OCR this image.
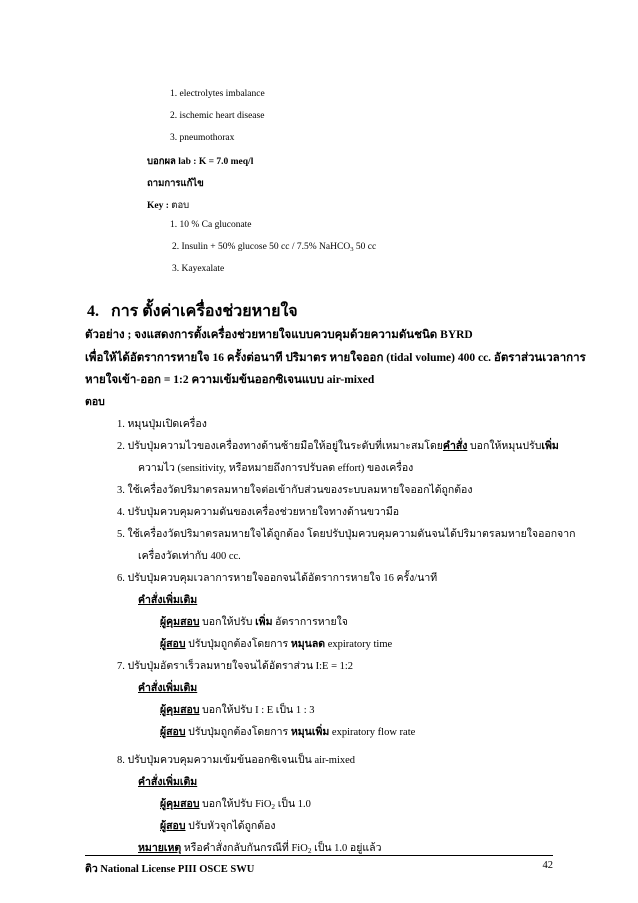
1. electrolytes imbalance
2. ischemic heart disease
3. pneumothorax
บอกผล lab : K = 7.0 meq/l
ถามการแก้ไข
Key : ตอบ
1. 10 % Ca gluconate
2. Insulin + 50% glucose 50 cc / 7.5% NaHCO$_3$ 50 cc
3. Kayexalate
4. การ ตั้งค่าเครื่องช่วยหายใจ
ตัวอย่าง ; จงแสดงการตั้งเครื่องช่วยหายใจแบบควบคุมด้วยความดันชนิด BYRD
เพื่อให้ได้อัตราการหายใจ 16 ครั้งต่อนาที ปริมาตร หายใจออก (tidal volume) 400 cc. อัตราส่วนเวลาการ
หายใจเข้า-ออก = 1:2 ความเข้มข้นออกซิเจนแบบ air-mixed
ตอบ
1. หมุนปุ่มเปิดเครื่อง
2. ปรับปุ่มความไวของเครื่องทางด้านซ้ายมือให้อยู่ในระดับที่เหมาะสมโดยคำสั่ง บอกให้หมุนปรับเพิ่ม
ความไว (sensitivity, หรือหมายถึงการปรับลด effort) ของเครื่อง
3. ใช้เครื่องวัดปริมาตรลมหายใจต่อเข้ากับส่วนของระบบลมหายใจออกได้ถูกต้อง
4. ปรับปุ่มควบคุมความดันของเครื่องช่วยหายใจทางด้านขวามือ
5. ใช้เครื่องวัดปริมาตรลมหายใจได้ถูกต้อง โดยปรับปุ่มควบคุมความดันจนได้ปริมาตรลมหายใจออกจาก
เครื่องวัดเท่ากับ 400 cc.
6. ปรับปุ่มควบคุมเวลาการหายใจออกจนได้อัตราการหายใจ 16 ครั้ง/นาที
คำสั่งเพิ่มเติม
ผู้คุมสอบ บอกให้ปรับ เพิ่ม อัตราการหายใจ
ผู้สอบ ปรับปุ่มถูกต้องโดยการ หมุนลด expiratory time
7. ปรับปุ่มอัตราเร็วลมหายใจจนได้อัตราส่วน I:E = 1:2
คำสั่งเพิ่มเติม
ผู้คุมสอบ บอกให้ปรับ I : E เป็น 1 : 3
ผู้สอบ ปรับปุ่มถูกต้องโดยการ หมุนเพิ่ม expiratory flow rate
8. ปรับปุ่มควบคุมความเข้มข้นออกซิเจนเป็น air-mixed
คำสั่งเพิ่มเติม
ผู้คุมสอบ บอกให้ปรับ FiO$_2$ เป็น 1.0
ผู้สอบ ปรับหัวจุกได้ถูกต้อง
หมายเหตุ หรือคำสั่งกลับกันกรณีที่ FiO$_2$ เป็น 1.0 อยู่แล้ว
ติว National License PIII OSCE SWU	42
